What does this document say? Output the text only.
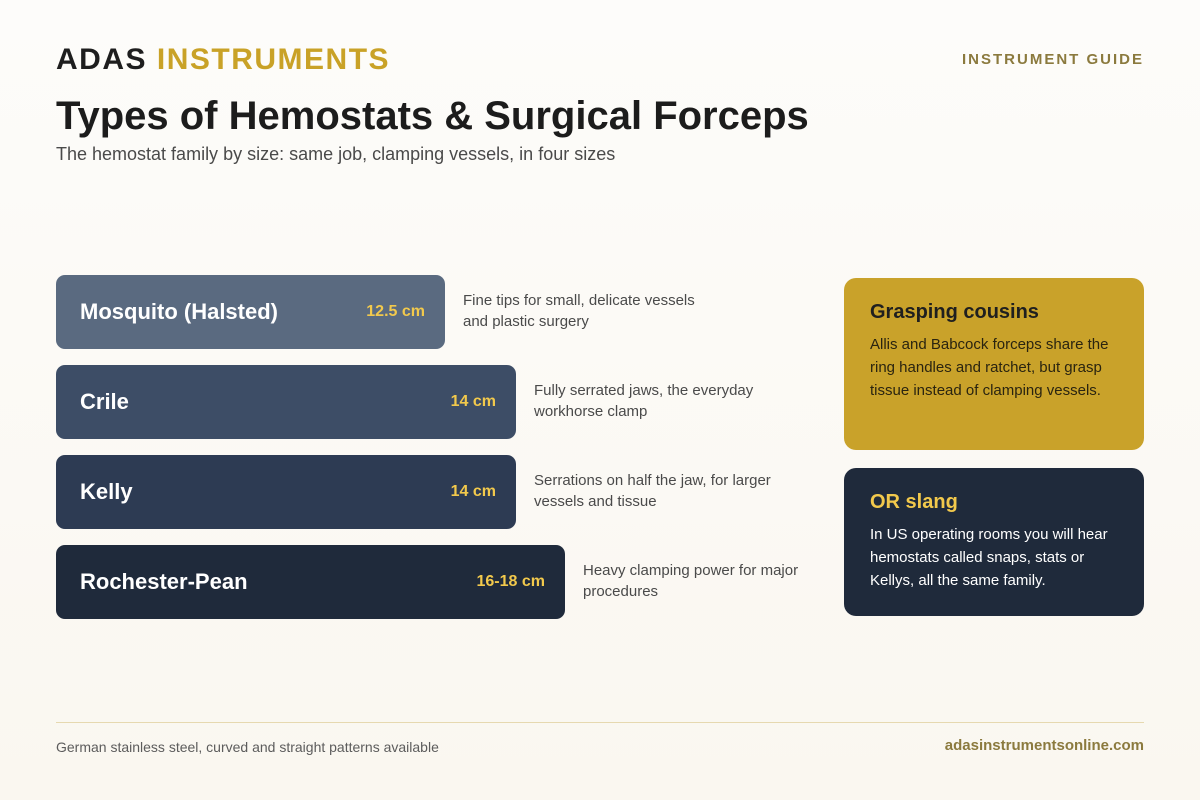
ADAS INSTRUMENTS	INSTRUMENT GUIDE
Types of Hemostats & Surgical Forceps
The hemostat family by size: same job, clamping vessels, in four sizes
Mosquito (Halsted)	12.5 cm
Fine tips for small, delicate vessels and plastic surgery
Crile	14 cm
Fully serrated jaws, the everyday workhorse clamp
Kelly	14 cm
Serrations on half the jaw, for larger vessels and tissue
Rochester-Pean	16-18 cm
Heavy clamping power for major procedures
Grasping cousins
Allis and Babcock forceps share the ring handles and ratchet, but grasp tissue instead of clamping vessels.
OR slang
In US operating rooms you will hear hemostats called snaps, stats or Kellys, all the same family.
German stainless steel, curved and straight patterns available	adasinstrumentsonline.com
